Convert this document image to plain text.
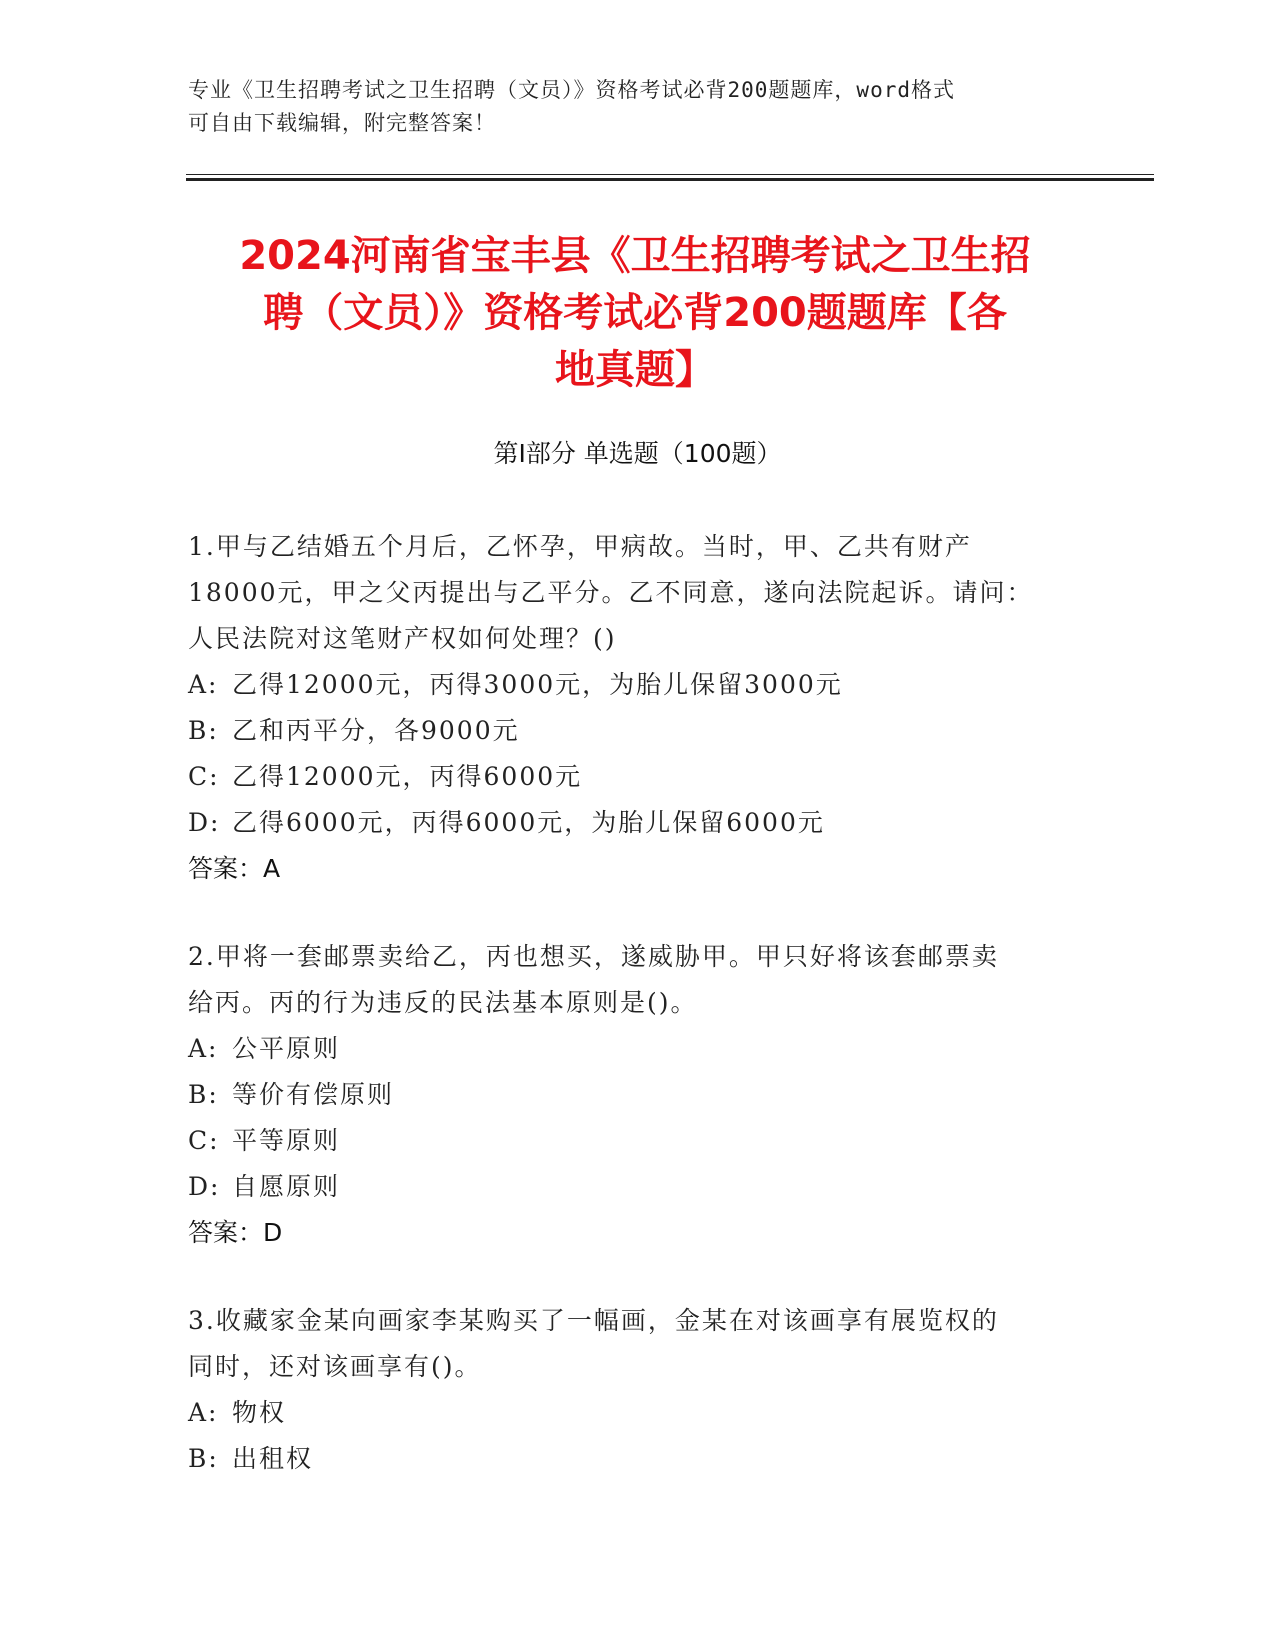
专业《卫生招聘考试之卫生招聘（文员）》资格考试必背200题题库，word格式
可自由下载编辑，附完整答案！
2024河南省宝丰县《卫生招聘考试之卫生招
聘（文员）》资格考试必背200题题库【各
地真题】
第Ⅰ部分 单选题（100题）
1.甲与乙结婚五个月后，乙怀孕，甲病故。当时，甲、乙共有财产
18000元，甲之父丙提出与乙平分。乙不同意，遂向法院起诉。请问：
人民法院对这笔财产权如何处理？()
A: 乙得12000元，丙得3000元，为胎儿保留3000元
B: 乙和丙平分，各9000元
C: 乙得12000元，丙得6000元
D: 乙得6000元，丙得6000元，为胎儿保留6000元
答案：A
2.甲将一套邮票卖给乙，丙也想买，遂威胁甲。甲只好将该套邮票卖
给丙。丙的行为违反的民法基本原则是()。
A: 公平原则
B: 等价有偿原则
C: 平等原则
D: 自愿原则
答案：D
3.收藏家金某向画家李某购买了一幅画，金某在对该画享有展览权的
同时，还对该画享有()。
A: 物权
B: 出租权
